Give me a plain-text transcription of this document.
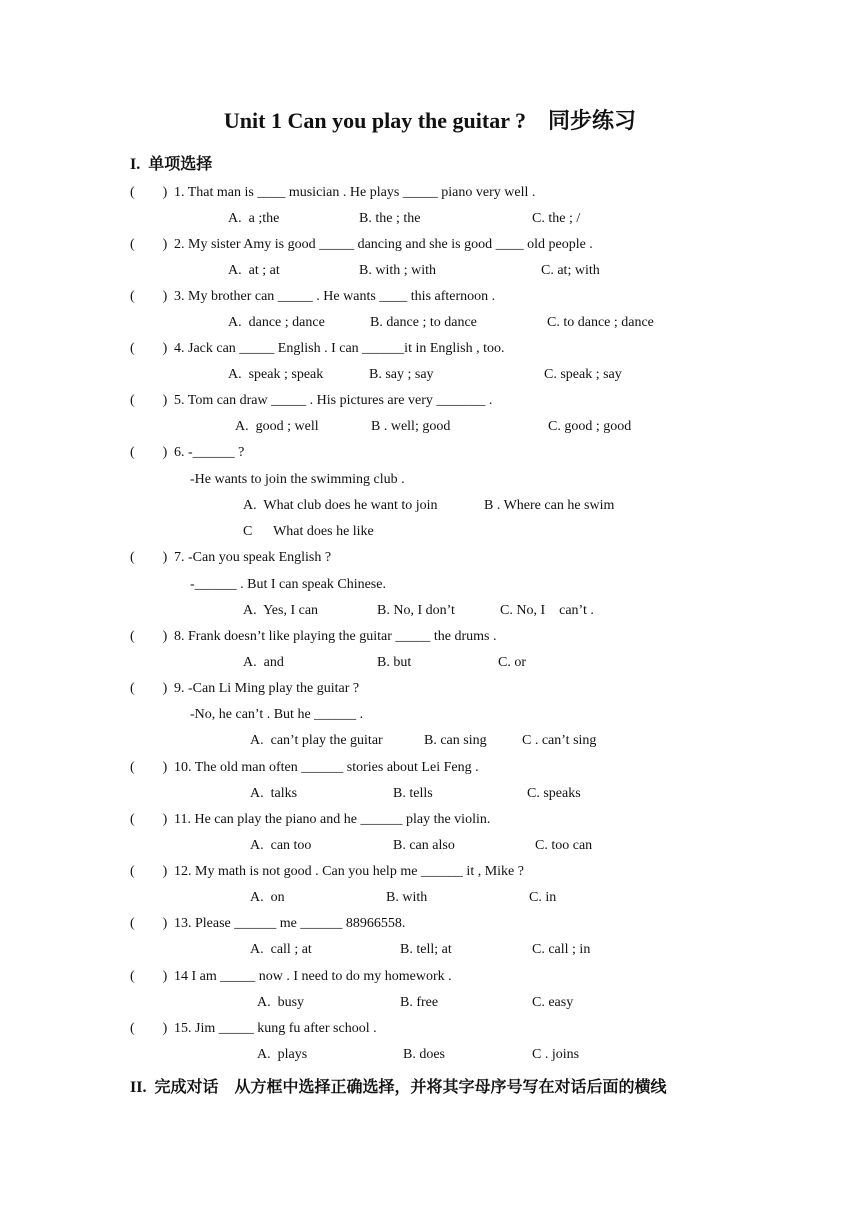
Unit 1 Can you play the guitar ?    同步练习
I.  单项选择
(        ) 1. That man is ____ musician . He plays _____ piano very well .
A.  a ;the	B. the ; the	C. the ; /
(        ) 2. My sister Amy is good _____ dancing and she is good ____ old people .
A.  at ; at	B. with ; with	C. at; with
(        ) 3. My brother can _____ . He wants ____ this afternoon .
A.  dance ; dance	B. dance ; to dance	C. to dance ; dance
(        ) 4. Jack can _____ English . I can ______it in English , too.
A.  speak ; speak	B. say ; say	C. speak ; say
(        ) 5. Tom can draw _____ . His pictures are very _______ .
A.  good ; well	B . well; good	C. good ; good
(        ) 6. -______ ?
-He wants to join the swimming club .
A.  What club does he want to join	B . Where can he swim
C      What does he like
(        ) 7. -Can you speak English ?
-______ . But I can speak Chinese.
A.  Yes, I can	B. No, I don’t	C. No, I    can’t .
(        ) 8. Frank doesn’t like playing the guitar _____ the drums .
A.  and	B. but	C. or
(        ) 9. -Can Li Ming play the guitar ?
-No, he can’t . But he ______ .
A.  can’t play the guitar	B. can sing	C . can’t sing
(        ) 10. The old man often ______ stories about Lei Feng .
A.  talks	B. tells	C. speaks
(        ) 11. He can play the piano and he ______ play the violin.
A.  can too	B. can also	C. too can
(        ) 12. My math is not good . Can you help me ______ it , Mike ?
A.  on	B. with	C. in
(        ) 13. Please ______ me ______ 88966558.
A.  call ; at	B. tell; at	C. call ; in
(        ) 14 I am _____ now . I need to do my homework .
A.  busy	B. free	C. easy
(        ) 15. Jim _____ kung fu after school .
A.  plays	B. does	C . joins
II.  完成对话    从方框中选择正确选择，并将其字母序号写在对话后面的横线
